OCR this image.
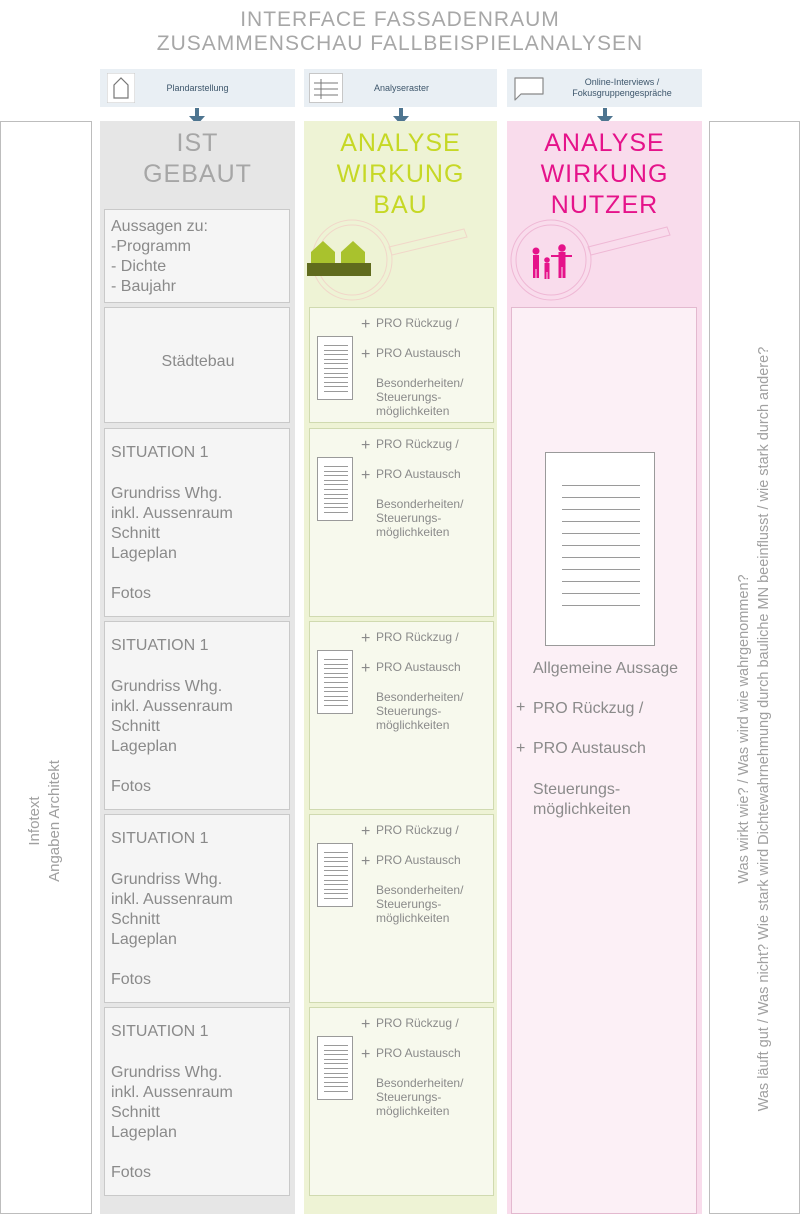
INTERFACE FASSADENRAUM
ZUSAMMENSCHAU FALLBEISPIELANALYSEN
Plandarstellung	Analyseraster
Online-Interviews /
Fokusgruppengespräche
Infotext Angaben Architekt	Was wirkt wie? / Was wird wie wahrgenommen? Was läuft gut / Was nicht? Wie stark wird Dichtewahrnehmung durch bauliche MN beeinflusst / wie stark durch andere?
IST
GEBAUT
ANALYSE
WIRKUNG
BAU
ANALYSE
WIRKUNG
NUTZER
Aussagen zu:
-Programm
- Dichte
- Baujahr
Städtebau
SITUATION 1
Grundriss Whg.
inkl. Aussenraum
Schnitt
Lageplan
Fotos
SITUATION 1
Grundriss Whg.
inkl. Aussenraum
Schnitt
Lageplan
Fotos
SITUATION 1
Grundriss Whg.
inkl. Aussenraum
Schnitt
Lageplan
Fotos
SITUATION 1
Grundriss Whg.
inkl. Aussenraum
Schnitt
Lageplan
Fotos
+ PRO Rückzug /
+ PRO Austausch
Besonderheiten/
Steuerungs-
möglichkeiten
+ PRO Rückzug /
+ PRO Austausch
Besonderheiten/
Steuerungs-
möglichkeiten
+ PRO Rückzug /
+ PRO Austausch
Besonderheiten/
Steuerungs-
möglichkeiten
+ PRO Rückzug /
+ PRO Austausch
Besonderheiten/
Steuerungs-
möglichkeiten
+ PRO Rückzug /
+ PRO Austausch
Besonderheiten/
Steuerungs-
möglichkeiten
Allgemeine Aussage
+ PRO Rückzug /
+ PRO Austausch
Steuerungs-
möglichkeiten
